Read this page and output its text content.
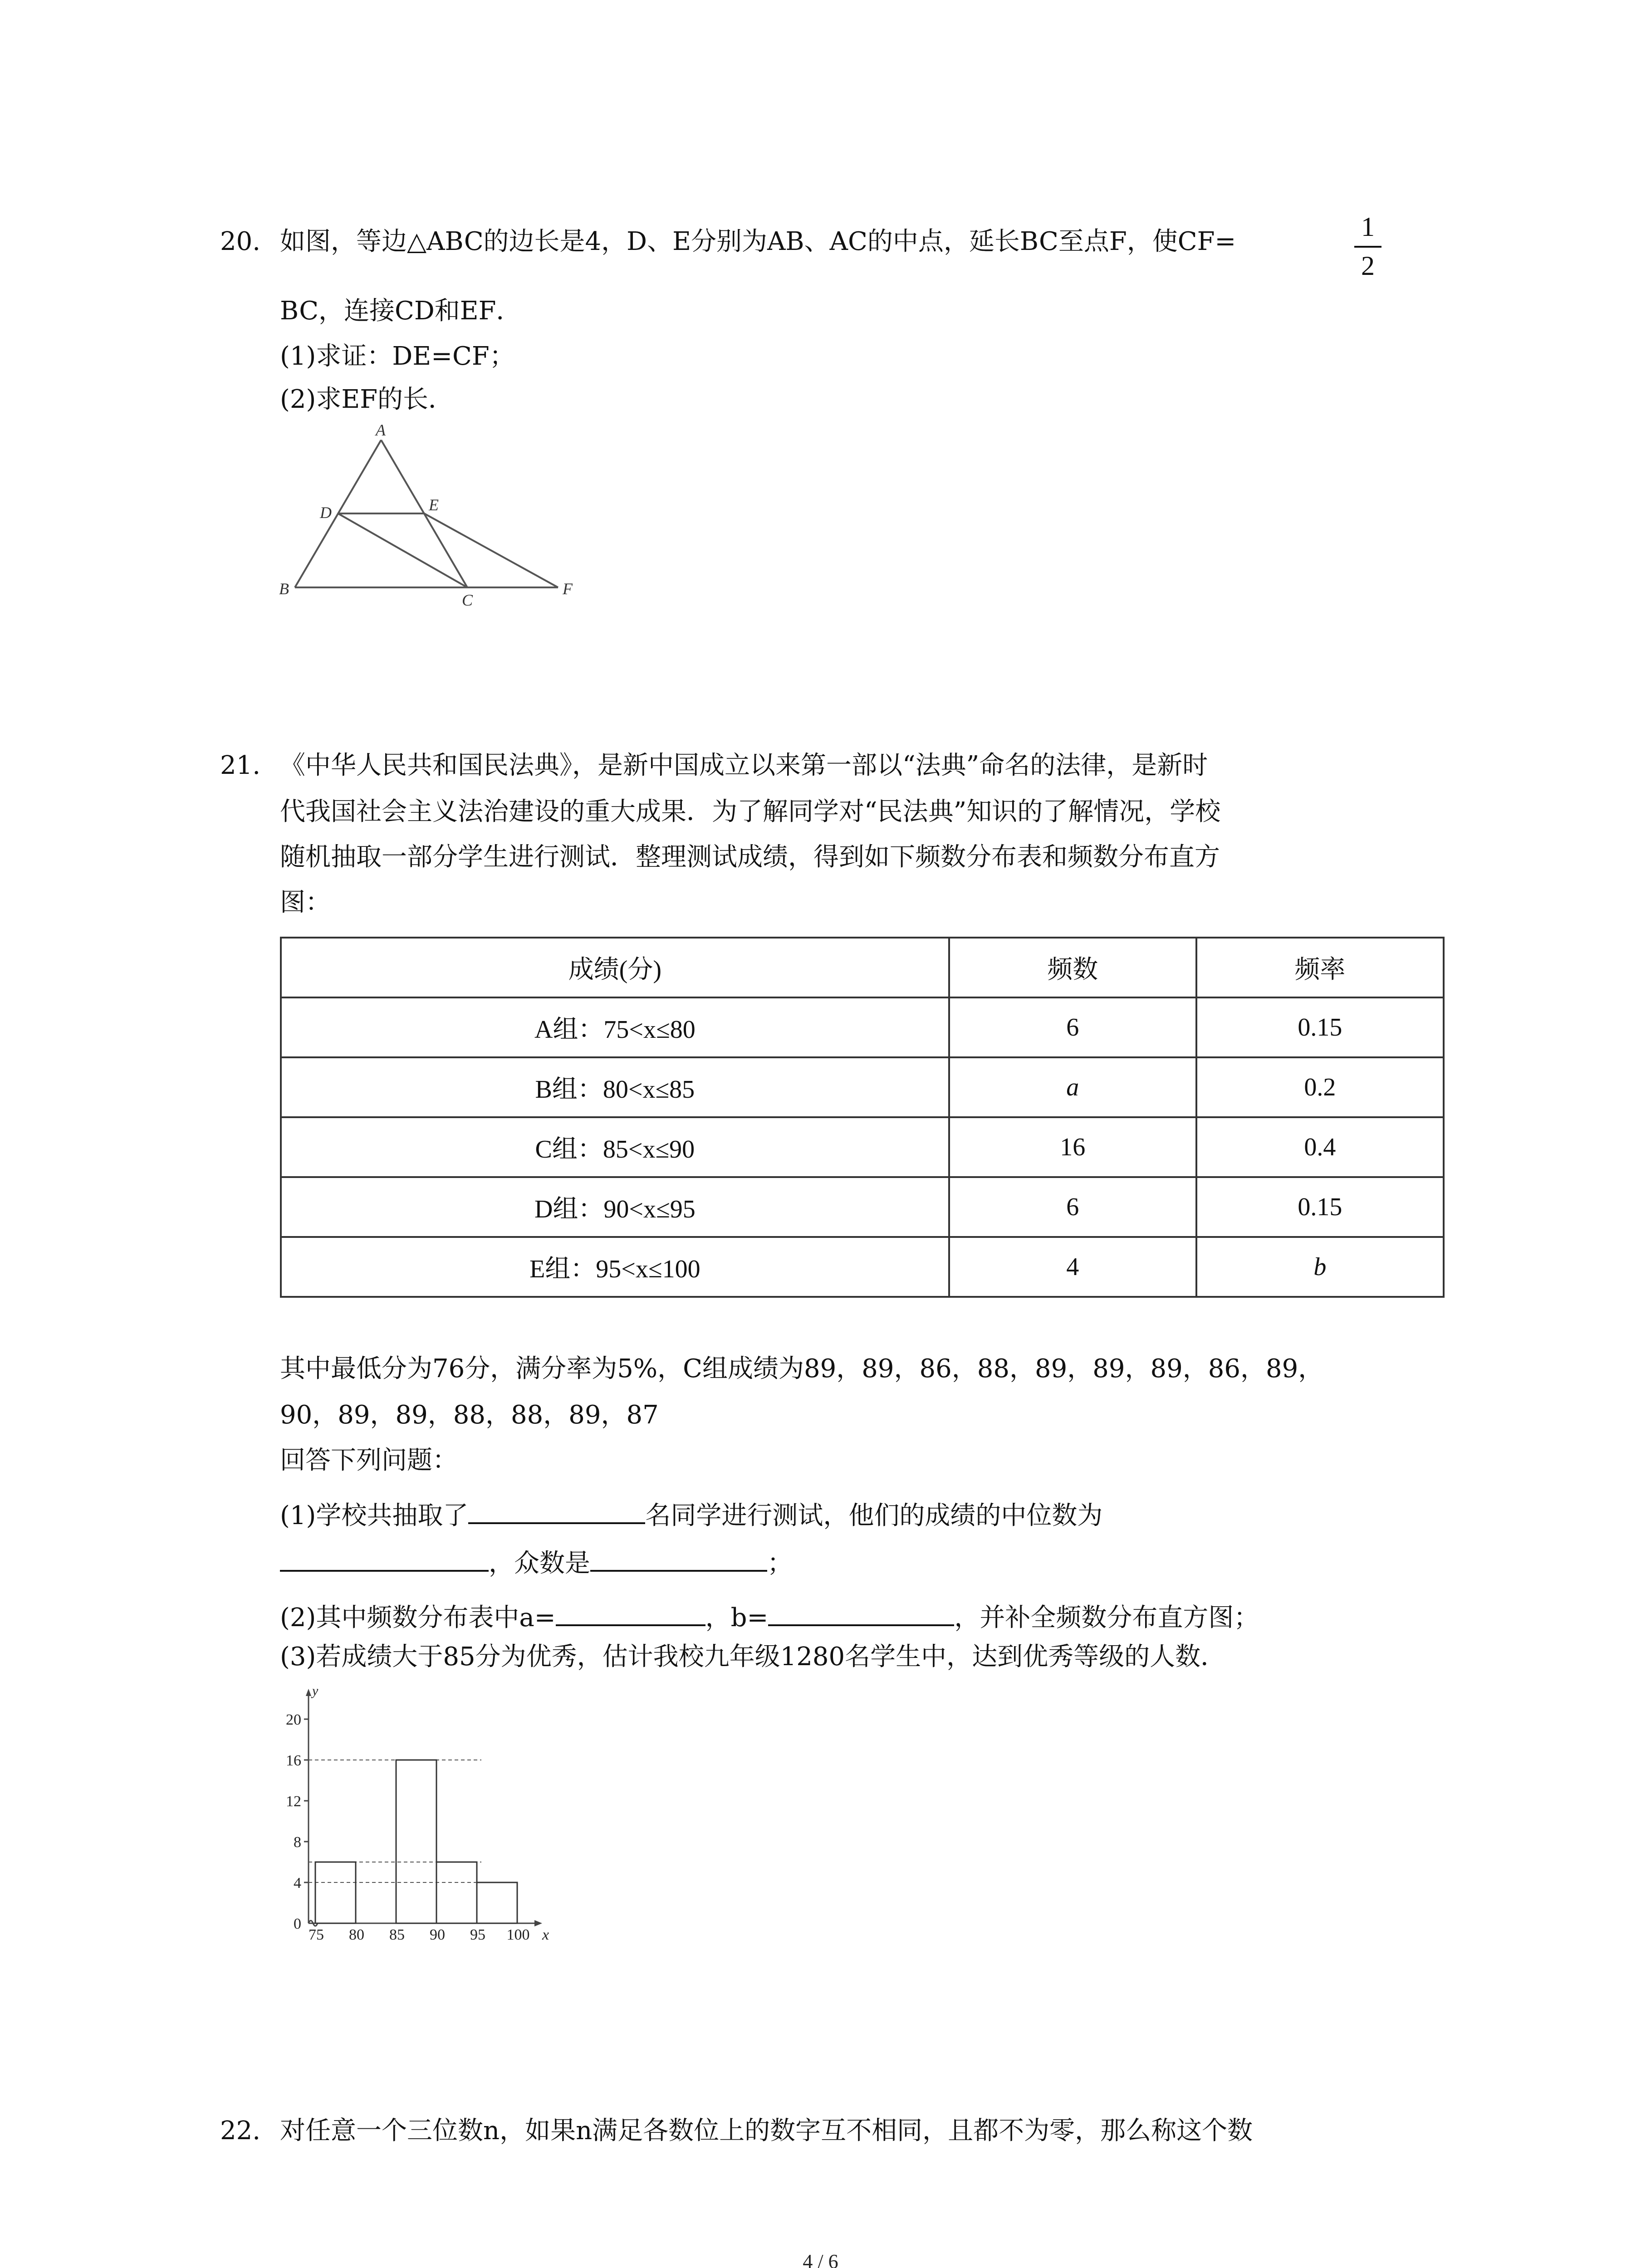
20. 如图，等边△ABC的边长是4，D、E分别为AB、AC的中点，延长BC至点F，使CF=	1
2
BC，连接CD和EF．
(1)求证：DE=CF；
(2)求EF的长．
A
D	E
B
C
F
21. 《中华人民共和国民法典》，是新中国成立以来第一部以“法典”命名的法律，是新时
代我国社会主义法治建设的重大成果．为了解同学对“民法典”知识的了解情况，学校
随机抽取一部分学生进行测试．整理测试成绩，得到如下频数分布表和频数分布直方
图：
成绩(分)	频数	频率
A组：75<x≤80	6	0.15
B组：80<x≤85	a	0.2
C组：85<x≤90	16	0.4
D组：90<x≤95	6	0.15
E组：95<x≤100	4	b
其中最低分为76分，满分率为5%，C组成绩为89，89，86，88，89，89，89，86，89，
90，89，89，88，88，89，87
回答下列问题：
(1)学校共抽取了	名同学进行测试，他们的成绩的中位数为
，众数是	；
(2)其中频数分布表中a=	，b=	，并补全频数分布直方图；
(3)若成绩大于85分为优秀，估计我校九年级1280名学生中，达到优秀等级的人数．
0
4
8
12
16
20
75 80 85 90 95 100 x
y
22. 对任意一个三位数n，如果n满足各数位上的数字互不相同，且都不为零，那么称这个数
4 / 6
